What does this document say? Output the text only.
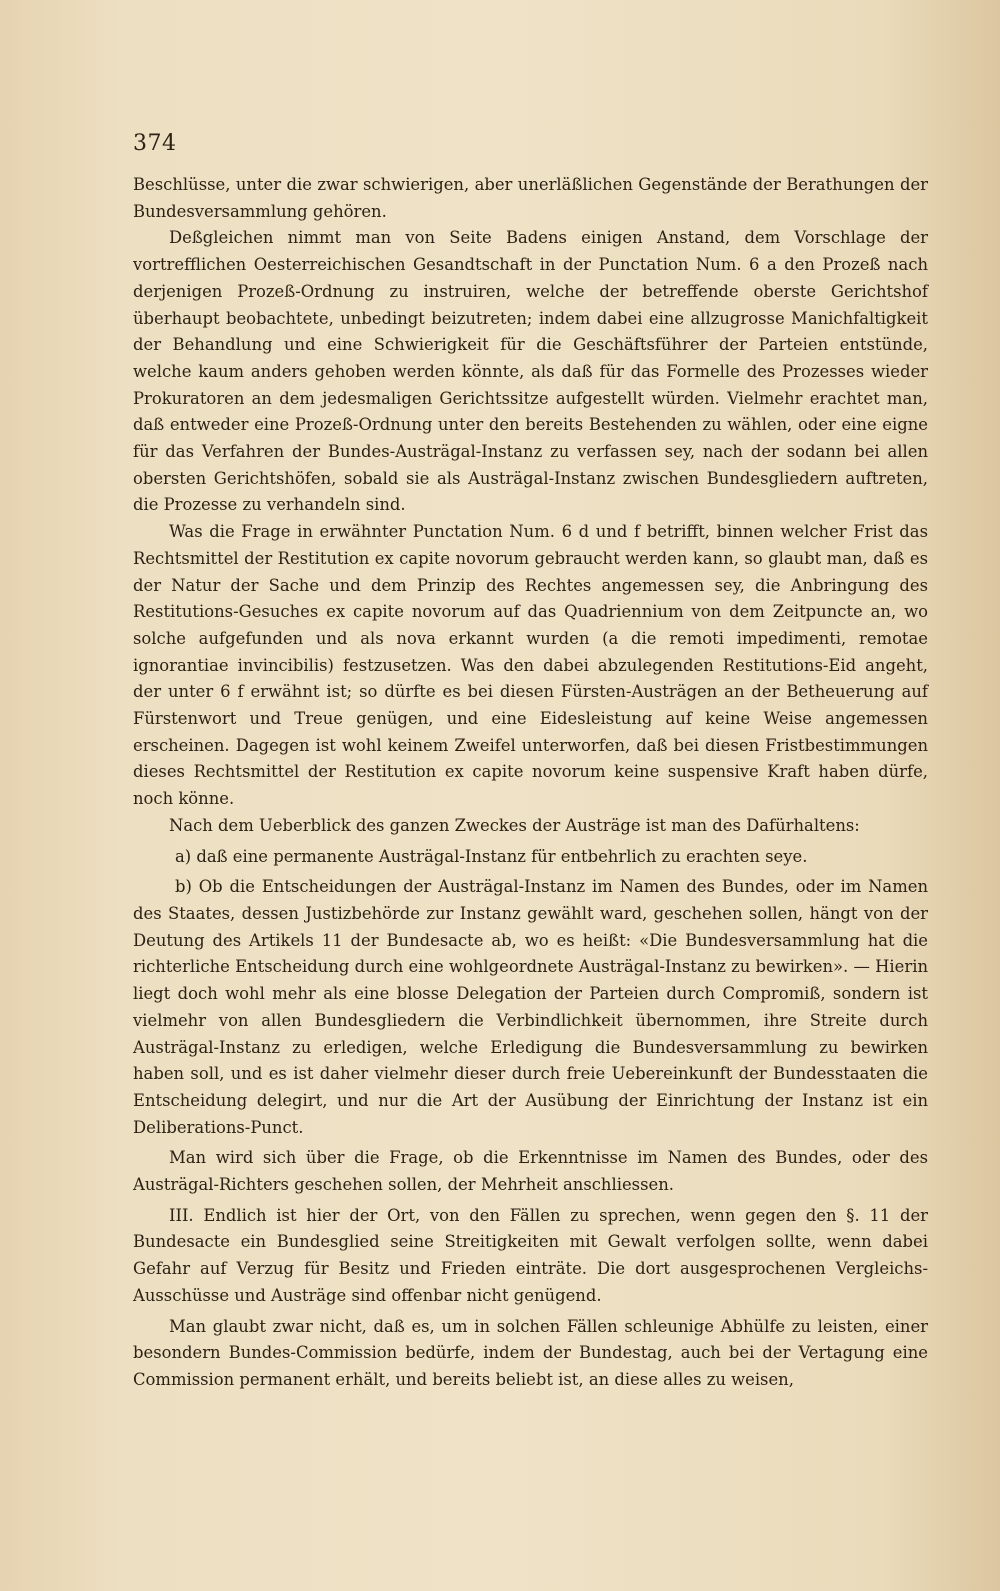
374

Beschlüsse, unter die zwar schwierigen, aber unerläßlichen Gegenstände der Berathungen der Bundesversammlung gehören.

Deßgleichen nimmt man von Seite Badens einigen Anstand, dem Vorschlage der vortrefflichen Oesterreichischen Gesandtschaft in der Punctation Num. 6 a den Prozeß nach derjenigen Prozeß-Ordnung zu instruiren, welche der betreffende oberste Gerichtshof überhaupt beobachtete, unbedingt beizutreten; indem dabei eine allzugrosse Manichfaltigkeit der Behandlung und eine Schwierigkeit für die Geschäftsführer der Parteien entstünde, welche kaum anders gehoben werden könnte, als daß für das Formelle des Prozesses wieder Prokuratoren an dem jedesmaligen Gerichtssitze aufgestellt würden. Vielmehr erachtet man, daß entweder eine Prozeß-Ordnung unter den bereits Bestehenden zu wählen, oder eine eigne für das Verfahren der Bundes-Austrägal-Instanz zu verfassen sey, nach der sodann bei allen obersten Gerichtshöfen, sobald sie als Austrägal-Instanz zwischen Bundesgliedern auftreten, die Prozesse zu verhandeln sind.

Was die Frage in erwähnter Punctation Num. 6 d und f betrifft, binnen welcher Frist das Rechtsmittel der Restitution ex capite novorum gebraucht werden kann, so glaubt man, daß es der Natur der Sache und dem Prinzip des Rechtes angemessen sey, die Anbringung des Restitutions-Gesuches ex capite novorum auf das Quadriennium von dem Zeitpuncte an, wo solche aufgefunden und als nova erkannt wurden (a die remoti impedimenti, remotae ignorantiae invincibilis) festzusetzen. Was den dabei abzulegenden Restitutions-Eid angeht, der unter 6 f erwähnt ist; so dürfte es bei diesen Fürsten-Austrägen an der Betheuerung auf Fürstenwort und Treue genügen, und eine Eidesleistung auf keine Weise angemessen erscheinen. Dagegen ist wohl keinem Zweifel unterworfen, daß bei diesen Fristbestimmungen dieses Rechtsmittel der Restitution ex capite novorum keine suspensive Kraft haben dürfe, noch könne.

Nach dem Ueberblick des ganzen Zweckes der Austräge ist man des Dafürhaltens:

a) daß eine permanente Austrägal-Instanz für entbehrlich zu erachten seye.

b) Ob die Entscheidungen der Austrägal-Instanz im Namen des Bundes, oder im Namen des Staates, dessen Justizbehörde zur Instanz gewählt ward, geschehen sollen, hängt von der Deutung des Artikels 11 der Bundesacte ab, wo es heißt: «Die Bundesversammlung hat die richterliche Entscheidung durch eine wohlgeordnete Austrägal-Instanz zu bewirken». — Hierin liegt doch wohl mehr als eine blosse Delegation der Parteien durch Compromiß, sondern ist vielmehr von allen Bundesgliedern die Verbindlichkeit übernommen, ihre Streite durch Austrägal-Instanz zu erledigen, welche Erledigung die Bundesversammlung zu bewirken haben soll, und es ist daher vielmehr dieser durch freie Uebereinkunft der Bundesstaaten die Entscheidung delegirt, und nur die Art der Ausübung der Einrichtung der Instanz ist ein Deliberations-Punct.

Man wird sich über die Frage, ob die Erkenntnisse im Namen des Bundes, oder des Austrägal-Richters geschehen sollen, der Mehrheit anschliessen.

III. Endlich ist hier der Ort, von den Fällen zu sprechen, wenn gegen den §. 11 der Bundesacte ein Bundesglied seine Streitigkeiten mit Gewalt verfolgen sollte, wenn dabei Gefahr auf Verzug für Besitz und Frieden einträte. Die dort ausgesprochenen Vergleichs-Ausschüsse und Austräge sind offenbar nicht genügend.

Man glaubt zwar nicht, daß es, um in solchen Fällen schleunige Abhülfe zu leisten, einer besondern Bundes-Commission bedürfe, indem der Bundestag, auch bei der Vertagung eine Commission permanent erhält, und bereits beliebt ist, an diese alles zu weisen,
